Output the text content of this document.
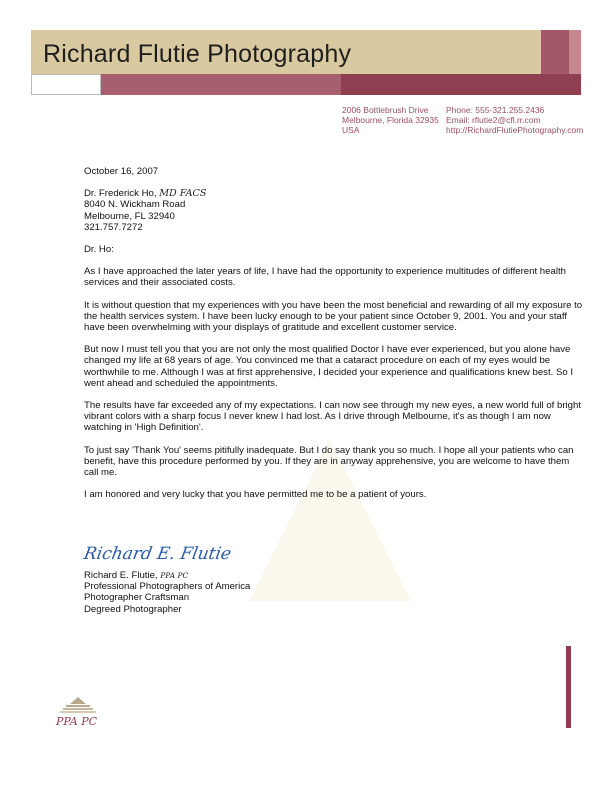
Richard Flutie Photography
2006 Bottlebrush Drive
Melbourne, Florida 32935
USA
Phone: 555-321.255.2436
Email: rflutie2@cfl.rr.com
http://RichardFlutiePhotography.com

October 16, 2007

Dr. Frederick Ho, MD FACS
8040 N. Wickham Road
Melbourne, FL 32940
321.757.7272

Dr. Ho:

As I have approached the later years of life, I have had the opportunity to experience multitudes of different health services and their associated costs.

It is without question that my experiences with you have been the most beneficial and rewarding of all my exposure to the health services system. I have been lucky enough to be your patient since October 9, 2001. You and your staff have been overwhelming with your displays of gratitude and excellent customer service.

But now I must tell you that you are not only the most qualified Doctor I have ever experienced, but you alone have changed my life at 68 years of age. You convinced me that a cataract procedure on each of my eyes would be worthwhile to me. Although I was at first apprehensive, I decided your experience and qualifications knew best. So I went ahead and scheduled the appointments.

The results have far exceeded any of my expectations. I can now see through my new eyes, a new world full of bright vibrant colors with a sharp focus I never knew I had lost. As I drive through Melbourne, it's as though I am now watching in 'High Definition'.

To just say 'Thank You' seems pitifully inadequate. But I do say thank you so much. I hope all your patients who can benefit, have this procedure performed by you. If they are in anyway apprehensive, you are welcome to have them call me.

I am honored and very lucky that you have permitted me to be a patient of yours.

Richard E. Flutie
Richard E. Flutie, PPA PC
Professional Photographers of America
Photographer Craftsman
Degreed Photographer
PPA PC
